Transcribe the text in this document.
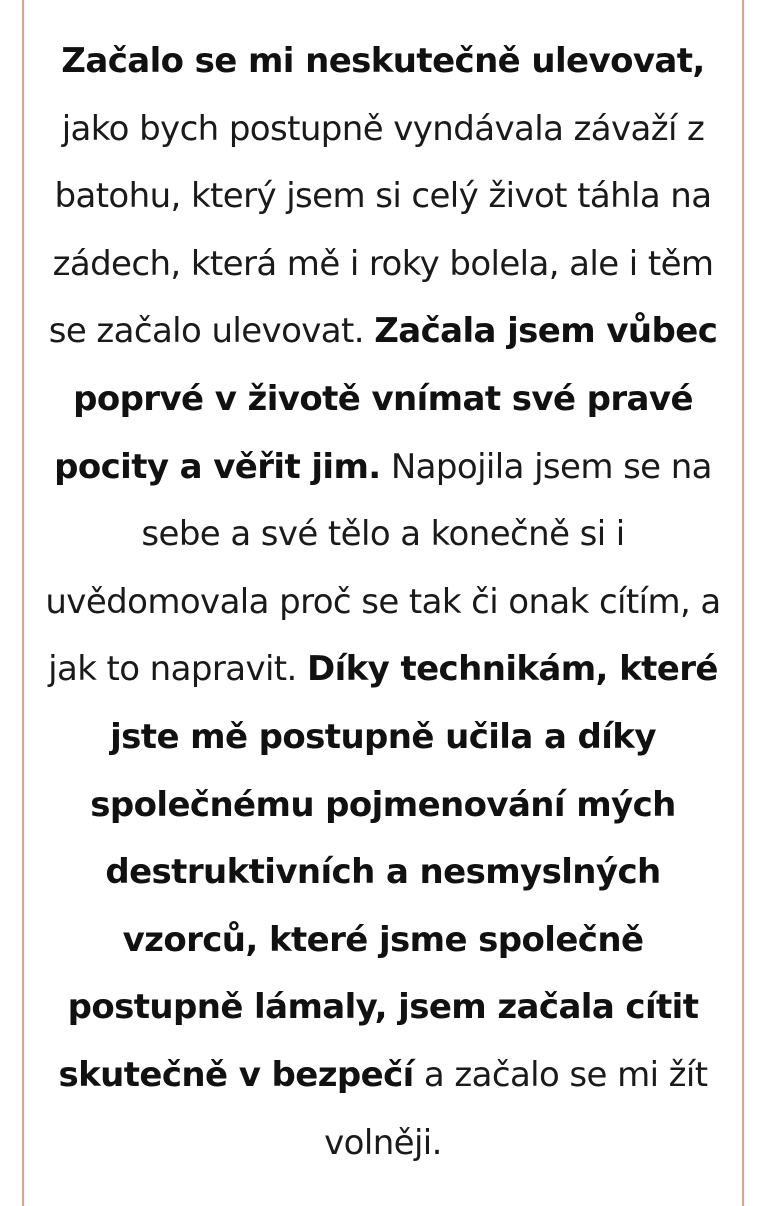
Začalo se mi neskutečně ulevovat, jako bych postupně vyndávala závaží z batohu, který jsem si celý život táhla na zádech, která mě i roky bolela, ale i těm se začalo ulevovat. Začala jsem vůbec poprvé v životě vnímat své pravé pocity a věřit jim. Napojila jsem se na sebe a své tělo a konečně si i uvědomovala proč se tak či onak cítím, a jak to napravit. Díky technikám, které jste mě postupně učila a díky společnému pojmenování mých destruktivních a nesmyslných vzorců, které jsme společně postupně lámaly, jsem začala cítit skutečně v bezpečí a začalo se mi žít volněji.
